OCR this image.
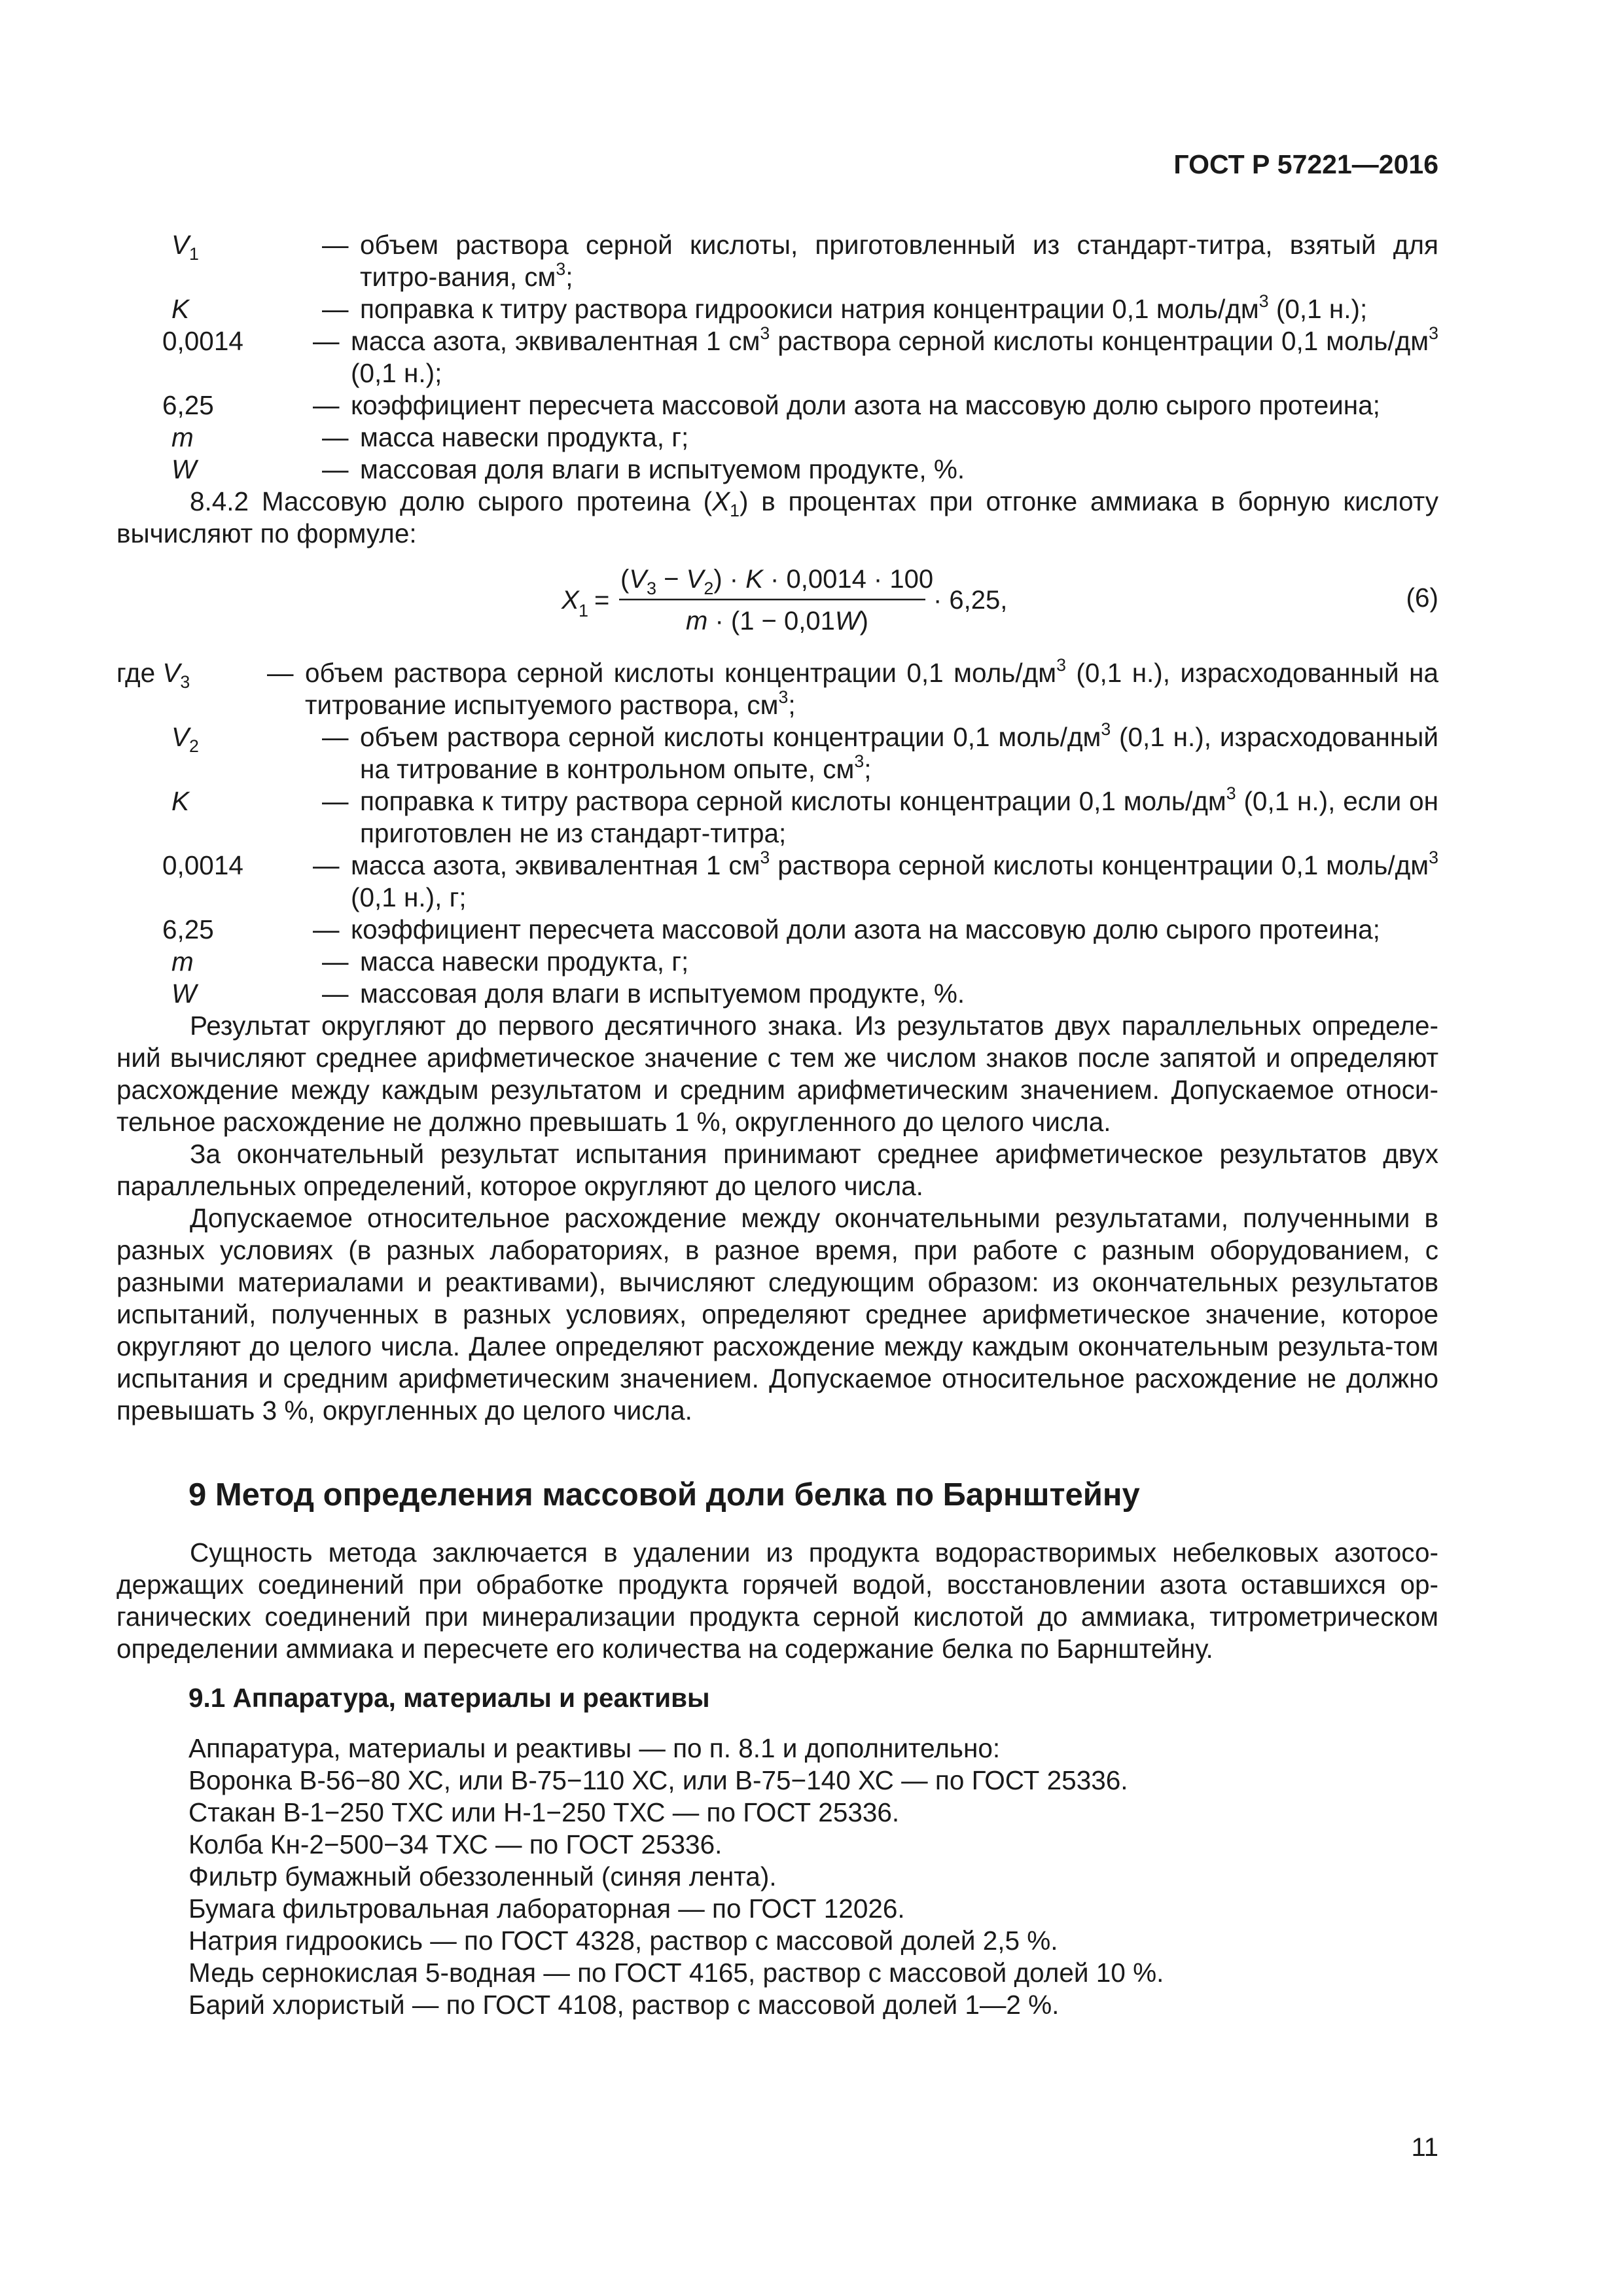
ГОСТ Р 57221—2016
$V_1$	— объем раствора серной кислоты, приготовленный из стандарт-титра, взятый для титро-вания, $см^3$;
K	— поправка к титру раствора гидроокиси натрия концентрации 0,1 моль/$дм^3$ (0,1 н.);
0,0014	— масса азота, эквивалентная 1 $см^3$ раствора серной кислоты концентрации 0,1 моль/$дм^3$ (0,1 н.);
6,25	— коэффициент пересчета массовой доли азота на массовую долю сырого протеина;
m	— масса навески продукта, г;
W	— массовая доля влаги в испытуемом продукте, %.

8.4.2 Массовую долю сырого протеина $(X_1)$ в процентах при отгонке аммиака в борную кислоту вычисляют по формуле:

X 1 =
$(V_3 - V_2) \cdot K \cdot 0,0014 \cdot 100$
m · (1 − 0,01W)
· 6,25,	(6)
где $V_3$	— объем раствора серной кислоты концентрации 0,1 моль/$дм^3$ (0,1 н.), израсходованный на титрование испытуемого раствора, $см^3$;
$V_2$	— объем раствора серной кислоты концентрации 0,1 моль/$дм^3$ (0,1 н.), израсходованный на титрование в контрольном опыте, $см^3$;
K	— поправка к титру раствора серной кислоты концентрации 0,1 моль/$дм^3$ (0,1 н.), если он приготовлен не из стандарт-титра;
0,0014	— масса азота, эквивалентная 1 $см^3$ раствора серной кислоты концентрации 0,1 моль/$дм^3$ (0,1 н.), г;
6,25	— коэффициент пересчета массовой доли азота на массовую долю сырого протеина;
m	— масса навески продукта, г;
W	— массовая доля влаги в испытуемом продукте, %.

Результат округляют до первого десятичного знака. Из результатов двух параллельных определе-ний вычисляют среднее арифметическое значение с тем же числом знаков после запятой и определяют расхождение между каждым результатом и средним арифметическим значением. Допускаемое относи-тельное расхождение не должно превышать 1 %, округленного до целого числа.

За окончательный результат испытания принимают среднее арифметическое результатов двух параллельных определений, которое округляют до целого числа.

Допускаемое относительное расхождение между окончательными результатами, полученными в разных условиях (в разных лабораториях, в разное время, при работе с разным оборудованием, с разными материалами и реактивами), вычисляют следующим образом: из окончательных результатов испытаний, полученных в разных условиях, определяют среднее арифметическое значение, которое округляют до целого числа. Далее определяют расхождение между каждым окончательным результа-том испытания и средним арифметическим значением. Допускаемое относительное расхождение не должно превышать 3 %, округленных до целого числа.

9 Метод определения массовой доли белка по Барнштейну

Сущность метода заключается в удалении из продукта водорастворимых небелковых азотосо-держащих соединений при обработке продукта горячей водой, восстановлении азота оставшихся ор-ганических соединений при минерализации продукта серной кислотой до аммиака, титрометрическом определении аммиака и пересчете его количества на содержание белка по Барнштейну.

9.1 Аппаратура, материалы и реактивы
Аппаратура, материалы и реактивы — по п. 8.1 и дополнительно:
Воронка В-56−80 ХС, или В-75−110 ХС, или В-75−140 ХС — по ГОСТ 25336.
Стакан В-1−250 ТХС или Н-1−250 ТХС — по ГОСТ 25336.
Колба Кн-2−500−34 ТХС — по ГОСТ 25336.
Фильтр бумажный обеззоленный (синяя лента).
Бумага фильтровальная лабораторная — по ГОСТ 12026.
Натрия гидроокись — по ГОСТ 4328, раствор с массовой долей 2,5 %.
Медь сернокислая 5-водная — по ГОСТ 4165, раствор с массовой долей 10 %.
Барий хлористый — по ГОСТ 4108, раствор с массовой долей 1—2 %.
11
